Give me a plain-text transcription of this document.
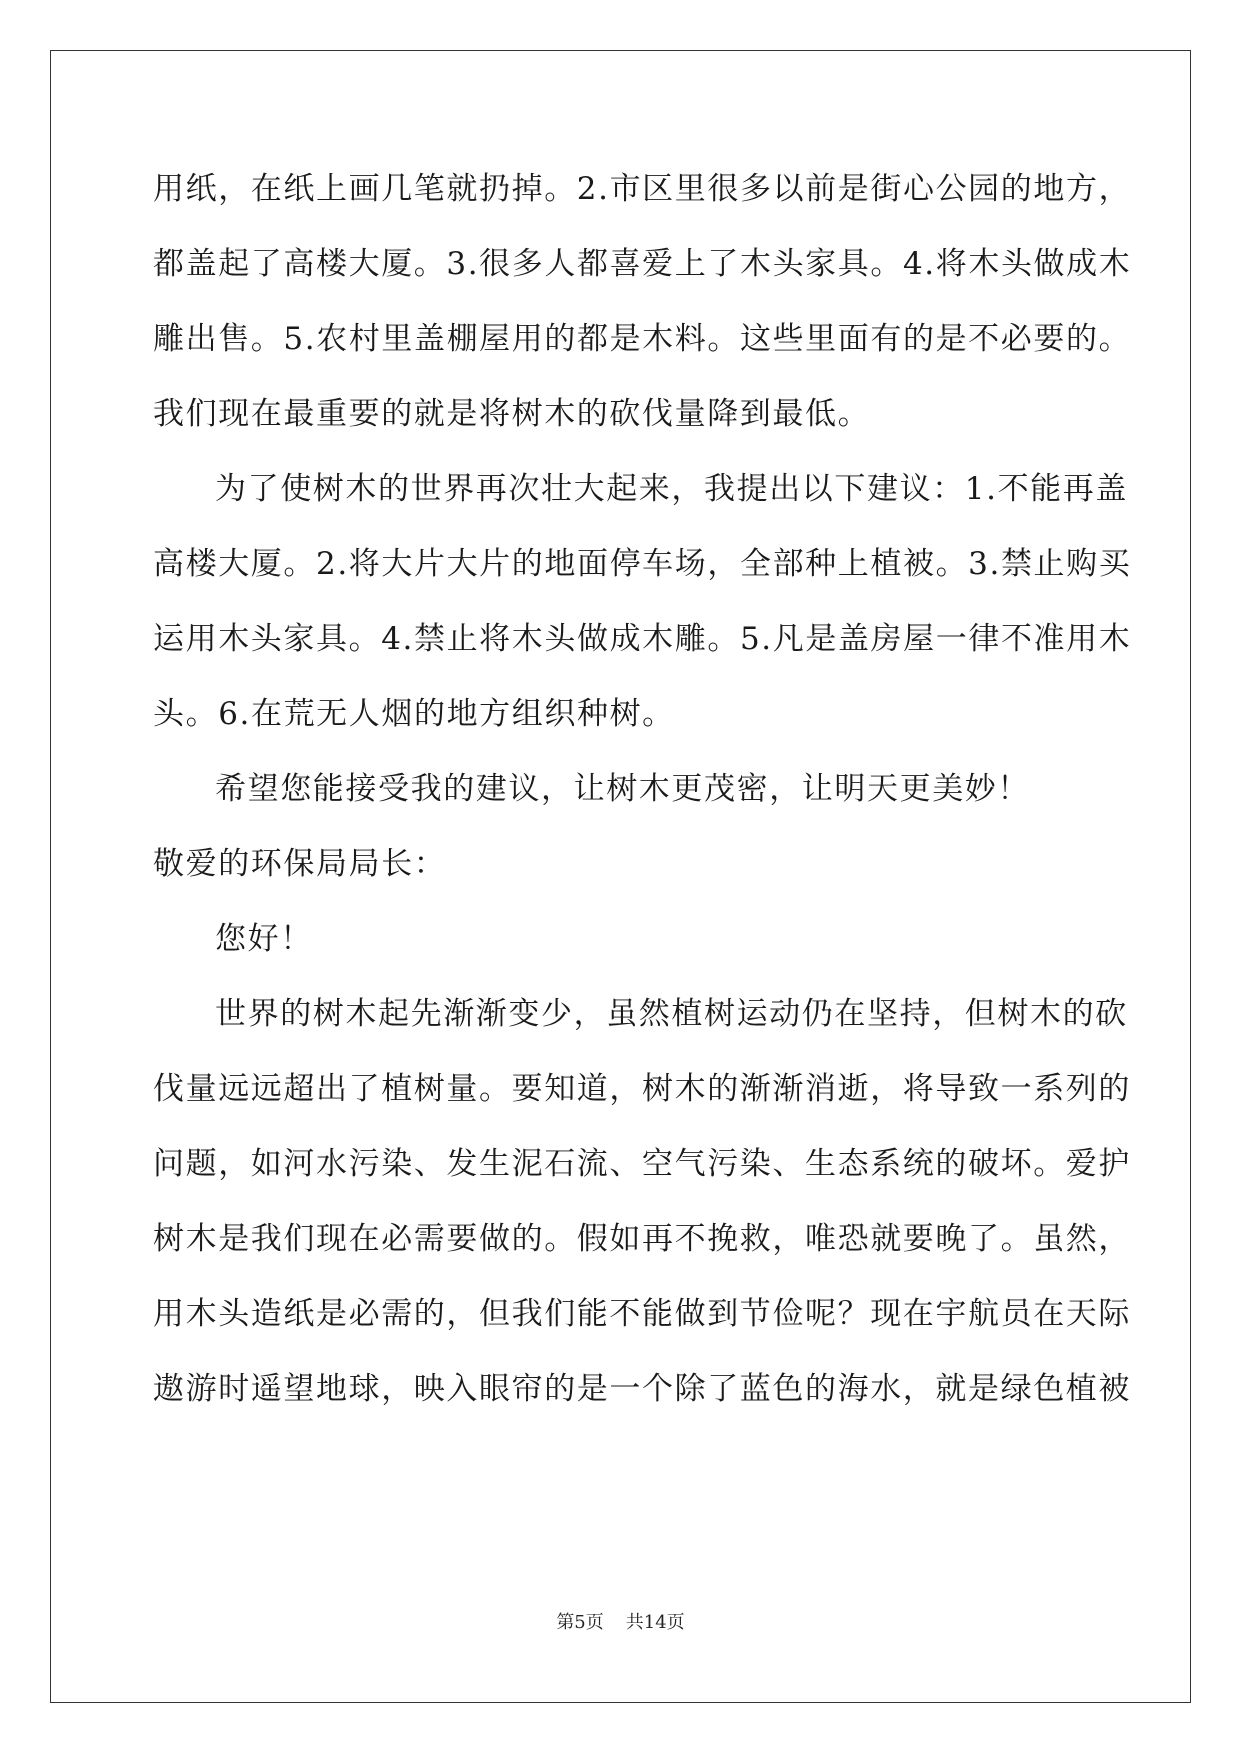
用纸，在纸上画几笔就扔掉。2.市区里很多以前是街心公园的地方，
都盖起了高楼大厦。3.很多人都喜爱上了木头家具。4.将木头做成木
雕出售。5.农村里盖棚屋用的都是木料。这些里面有的是不必要的。
我们现在最重要的就是将树木的砍伐量降到最低。
为了使树木的世界再次壮大起来，我提出以下建议：1.不能再盖
高楼大厦。2.将大片大片的地面停车场，全部种上植被。3.禁止购买
运用木头家具。4.禁止将木头做成木雕。5.凡是盖房屋一律不准用木
头。6.在荒无人烟的地方组织种树。
希望您能接受我的建议，让树木更茂密，让明天更美妙！
敬爱的环保局局长：
您好！
世界的树木起先渐渐变少，虽然植树运动仍在坚持，但树木的砍
伐量远远超出了植树量。要知道，树木的渐渐消逝，将导致一系列的
问题，如河水污染、发生泥石流、空气污染、生态系统的破坏。爱护
树木是我们现在必需要做的。假如再不挽救，唯恐就要晚了。虽然，
用木头造纸是必需的，但我们能不能做到节俭呢？现在宇航员在天际
遨游时遥望地球，映入眼帘的是一个除了蓝色的海水，就是绿色植被
第5页 共14页
